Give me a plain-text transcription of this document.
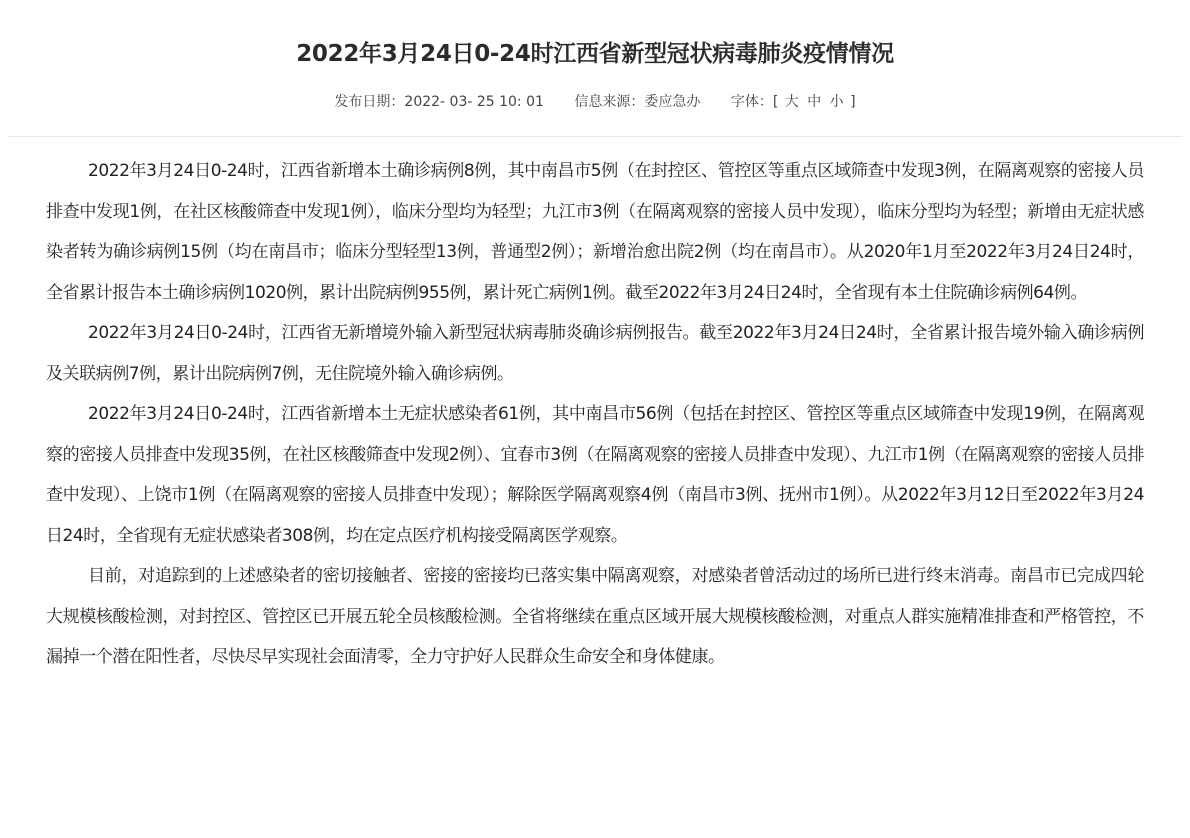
2022年3月24日0-24时江西省新型冠状病毒肺炎疫情情况
发布日期：2022- 03- 25 10: 01 信息来源：委应急办 字体：[ 大 中 小 ]

2022年3月24日0-24时，江西省新增本土确诊病例8例，其中南昌市5例（在封控区、管控区等重点区域筛查中发现3例，在隔离观察的密接人员排查中发现1例，在社区核酸筛查中发现1例），临床分型均为轻型；九江市3例（在隔离观察的密接人员中发现），临床分型均为轻型；新增由无症状感染者转为确诊病例15例（均在南昌市；临床分型轻型13例，普通型2例）；新增治愈出院2例（均在南昌市）。从2020年1月至2022年3月24日24时，全省累计报告本土确诊病例1020例，累计出院病例955例，累计死亡病例1例。截至2022年3月24日24时，全省现有本土住院确诊病例64例。

2022年3月24日0-24时，江西省无新增境外输入新型冠状病毒肺炎确诊病例报告。截至2022年3月24日24时，全省累计报告境外输入确诊病例及关联病例7例，累计出院病例7例，无住院境外输入确诊病例。

2022年3月24日0-24时，江西省新增本土无症状感染者61例，其中南昌市56例（包括在封控区、管控区等重点区域筛查中发现19例，在隔离观察的密接人员排查中发现35例，在社区核酸筛查中发现2例）、宜春市3例（在隔离观察的密接人员排查中发现）、九江市1例（在隔离观察的密接人员排查中发现）、上饶市1例（在隔离观察的密接人员排查中发现）；解除医学隔离观察4例（南昌市3例、抚州市1例）。从2022年3月12日至2022年3月24日24时，全省现有无症状感染者308例，均在定点医疗机构接受隔离医学观察。

目前，对追踪到的上述感染者的密切接触者、密接的密接均已落实集中隔离观察，对感染者曾活动过的场所已进行终末消毒。南昌市已完成四轮大规模核酸检测，对封控区、管控区已开展五轮全员核酸检测。全省将继续在重点区域开展大规模核酸检测，对重点人群实施精准排查和严格管控，不漏掉一个潜在阳性者，尽快尽早实现社会面清零，全力守护好人民群众生命安全和身体健康。
